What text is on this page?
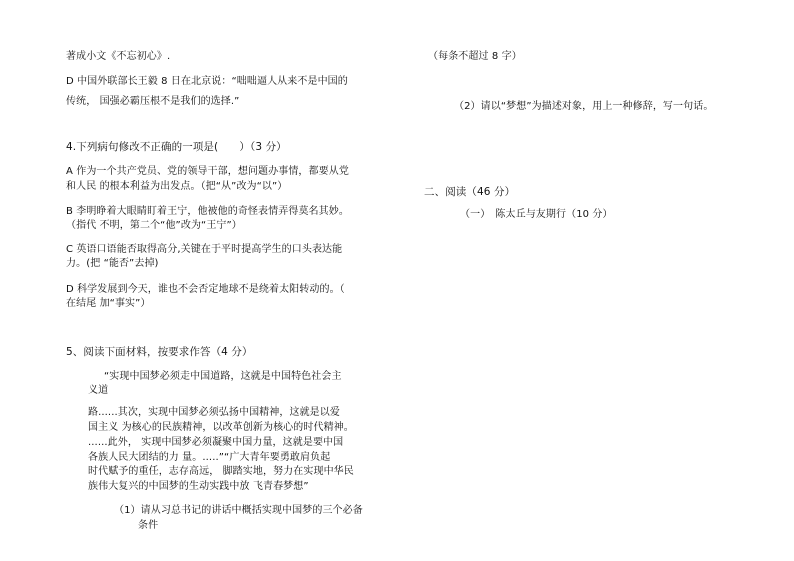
著成小文《不忘初心》.
D 中国外联部长王毅 8 日在北京说：“咄咄逼人从来不是中国的
传统， 国强必霸压根不是我们的选择.”
4.下列病句修改不正确的一项是(　　）（3 分）
A 作为一个共产党员、党的领导干部，想问题办事情，都要从党
和人民 的根本利益为出发点。（把“从”改为“以”）
B 李明睁着大眼睛盯着王宁，他被他的奇怪表情弄得莫名其妙。
（指代 不明，第二个“他”改为“王宁”）
C 英语口语能否取得高分,关键在于平时提高学生的口头表达能
力。(把 “能否”去掉)
D 科学发展到今天，谁也不会否定地球不是绕着太阳转动的。（
在结尾 加“事实”）
5、阅读下面材料，按要求作答（4 分）
“实现中国梦必须走中国道路，这就是中国特色社会主
义道
路......其次，实现中国梦必须弘扬中国精神，这就是以爱
国主义 为核心的民族精神，以改革创新为核心的时代精神。
......此外， 实现中国梦必须凝聚中国力量，这就是要中国
各族人民大团结的力 量。.....”“广大青年要勇敢肩负起
时代赋予的重任，志存高远， 脚踏实地，努力在实现中华民
族伟大复兴的中国梦的生动实践中放 飞青春梦想”
（1）请从习总书记的讲话中概括实现中国梦的三个必备
条件
（每条不超过 8 字）
（2）请以“梦想”为描述对象，用上一种修辞，写一句话。
二、阅读（46 分）
（一）　陈太丘与友期行（10 分）
